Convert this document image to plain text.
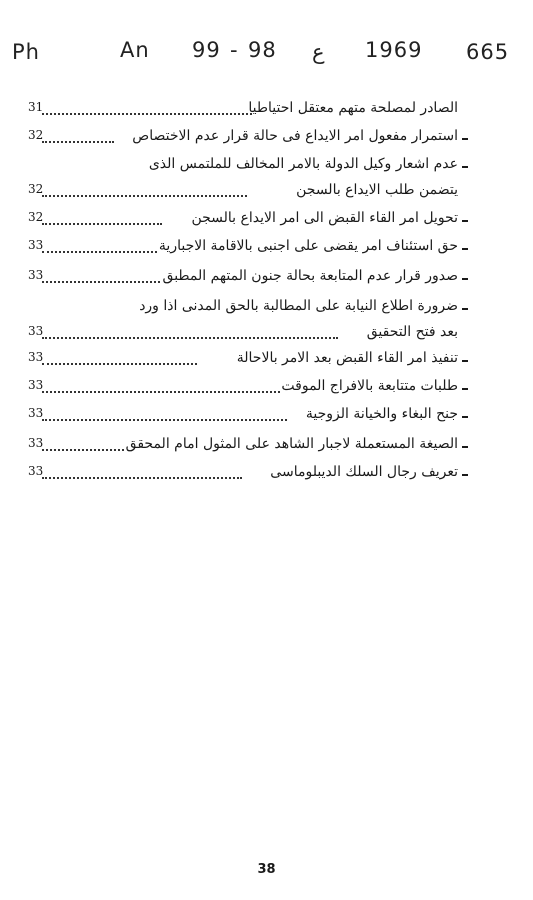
Ph	An 99 - 98 ع 1969 665
31	الصادر لمصلحة متهم معتقل احتياطيا
32	استمرار مفعول امر الايداع فى حالة قرار عدم الاختصاص
عدم اشعار وكيل الدولة بالامر المخالف للملتمس الذى
32	يتضمن طلب الايداع بالسجن
32	تحويل امر القاء القبض الى امر الايداع بالسجن
33	حق استئناف امر يقضى على اجنبى بالاقامة الاجبارية
33	صدور قرار عدم المتابعة بحالة جنون المتهم المطبق
ضرورة اطلاع النيابة على المطالبة بالحق المدنى اذا ورد
33	بعد فتح التحقيق
33	تنفيذ امر القاء القبض بعد الامر بالاحالة
33	طلبات متتابعة بالافراج الموقت
33	جنح البغاء والخيانة الزوجية
33	الصيغة المستعملة لاجبار الشاهد على المثول امام المحقق
33	تعريف رجال السلك الديبلوماسى
38
